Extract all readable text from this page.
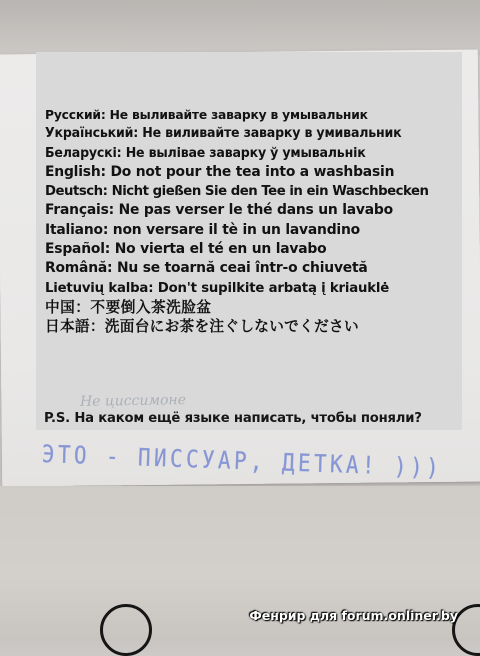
Русский: Не выливайте заварку в умывальник
Український: Не виливайте заварку в умивальник
Беларускі: Не вылівае заварку ў умывальнік
English: Do not pour the tea into a washbasin
Deutsch: Nicht gießen Sie den Tee in ein Waschbecken
Français: Ne pas verser le thé dans un lavabo
Italiano: non versare il tè in un lavandino
Español: No vierta el té en un lavabo
Română: Nu se toarnă ceai într-o chiuvetă
Lietuvių kalba: Don't supilkite arbatą į kriauklė
中国：不要倒入茶洗脸盆
日本語：洗面台にお茶を注ぐしないでください
Не циссимоне
P.S. На каком ещё языке написать, чтобы поняли?
ЭТО - ПИССУАР, ДЕТКА! )))
Фенрир для forum.onliner.by
